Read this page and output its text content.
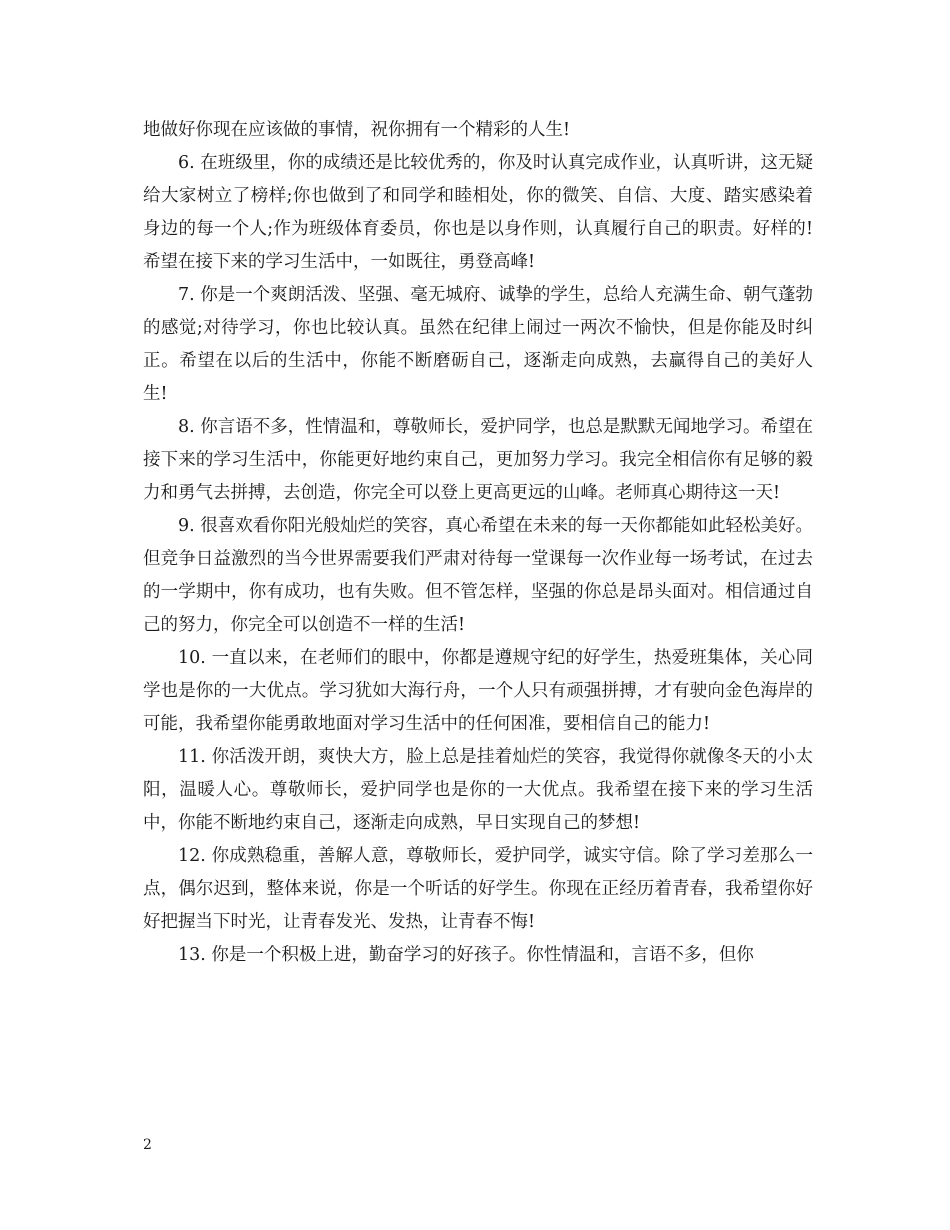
地做好你现在应该做的事情，祝你拥有一个精彩的人生!

6. 在班级里，你的成绩还是比较优秀的，你及时认真完成作业，认真听讲，这无疑给大家树立了榜样;你也做到了和同学和睦相处，你的微笑、自信、大度、踏实感染着身边的每一个人;作为班级体育委员，你也是以身作则，认真履行自己的职责。好样的!希望在接下来的学习生活中，一如既往，勇登高峰!

7. 你是一个爽朗活泼、坚强、毫无城府、诚挚的学生，总给人充满生命、朝气蓬勃的感觉;对待学习，你也比较认真。虽然在纪律上闹过一两次不愉快，但是你能及时纠正。希望在以后的生活中，你能不断磨砺自己，逐渐走向成熟，去赢得自己的美好人生!

8. 你言语不多，性情温和，尊敬师长，爱护同学，也总是默默无闻地学习。希望在接下来的学习生活中，你能更好地约束自己，更加努力学习。我完全相信你有足够的毅力和勇气去拼搏，去创造，你完全可以登上更高更远的山峰。老师真心期待这一天!

9. 很喜欢看你阳光般灿烂的笑容，真心希望在未来的每一天你都能如此轻松美好。但竞争日益激烈的当今世界需要我们严肃对待每一堂课每一次作业每一场考试，在过去的一学期中，你有成功，也有失败。但不管怎样，坚强的你总是昂头面对。相信通过自己的努力，你完全可以创造不一样的生活!

10. 一直以来，在老师们的眼中，你都是遵规守纪的好学生，热爱班集体，关心同学也是你的一大优点。学习犹如大海行舟，一个人只有顽强拼搏，才有驶向金色海岸的可能，我希望你能勇敢地面对学习生活中的任何困准，要相信自己的能力!

11. 你活泼开朗，爽快大方，脸上总是挂着灿烂的笑容，我觉得你就像冬天的小太阳，温暖人心。尊敬师长，爱护同学也是你的一大优点。我希望在接下来的学习生活中，你能不断地约束自己，逐渐走向成熟，早日实现自己的梦想!

12. 你成熟稳重，善解人意，尊敬师长，爱护同学，诚实守信。除了学习差那么一点，偶尔迟到，整体来说，你是一个听话的好学生。你现在正经历着青春，我希望你好好把握当下时光，让青春发光、发热，让青春不悔!

13. 你是一个积极上进，勤奋学习的好孩子。你性情温和，言语不多，但你

2
